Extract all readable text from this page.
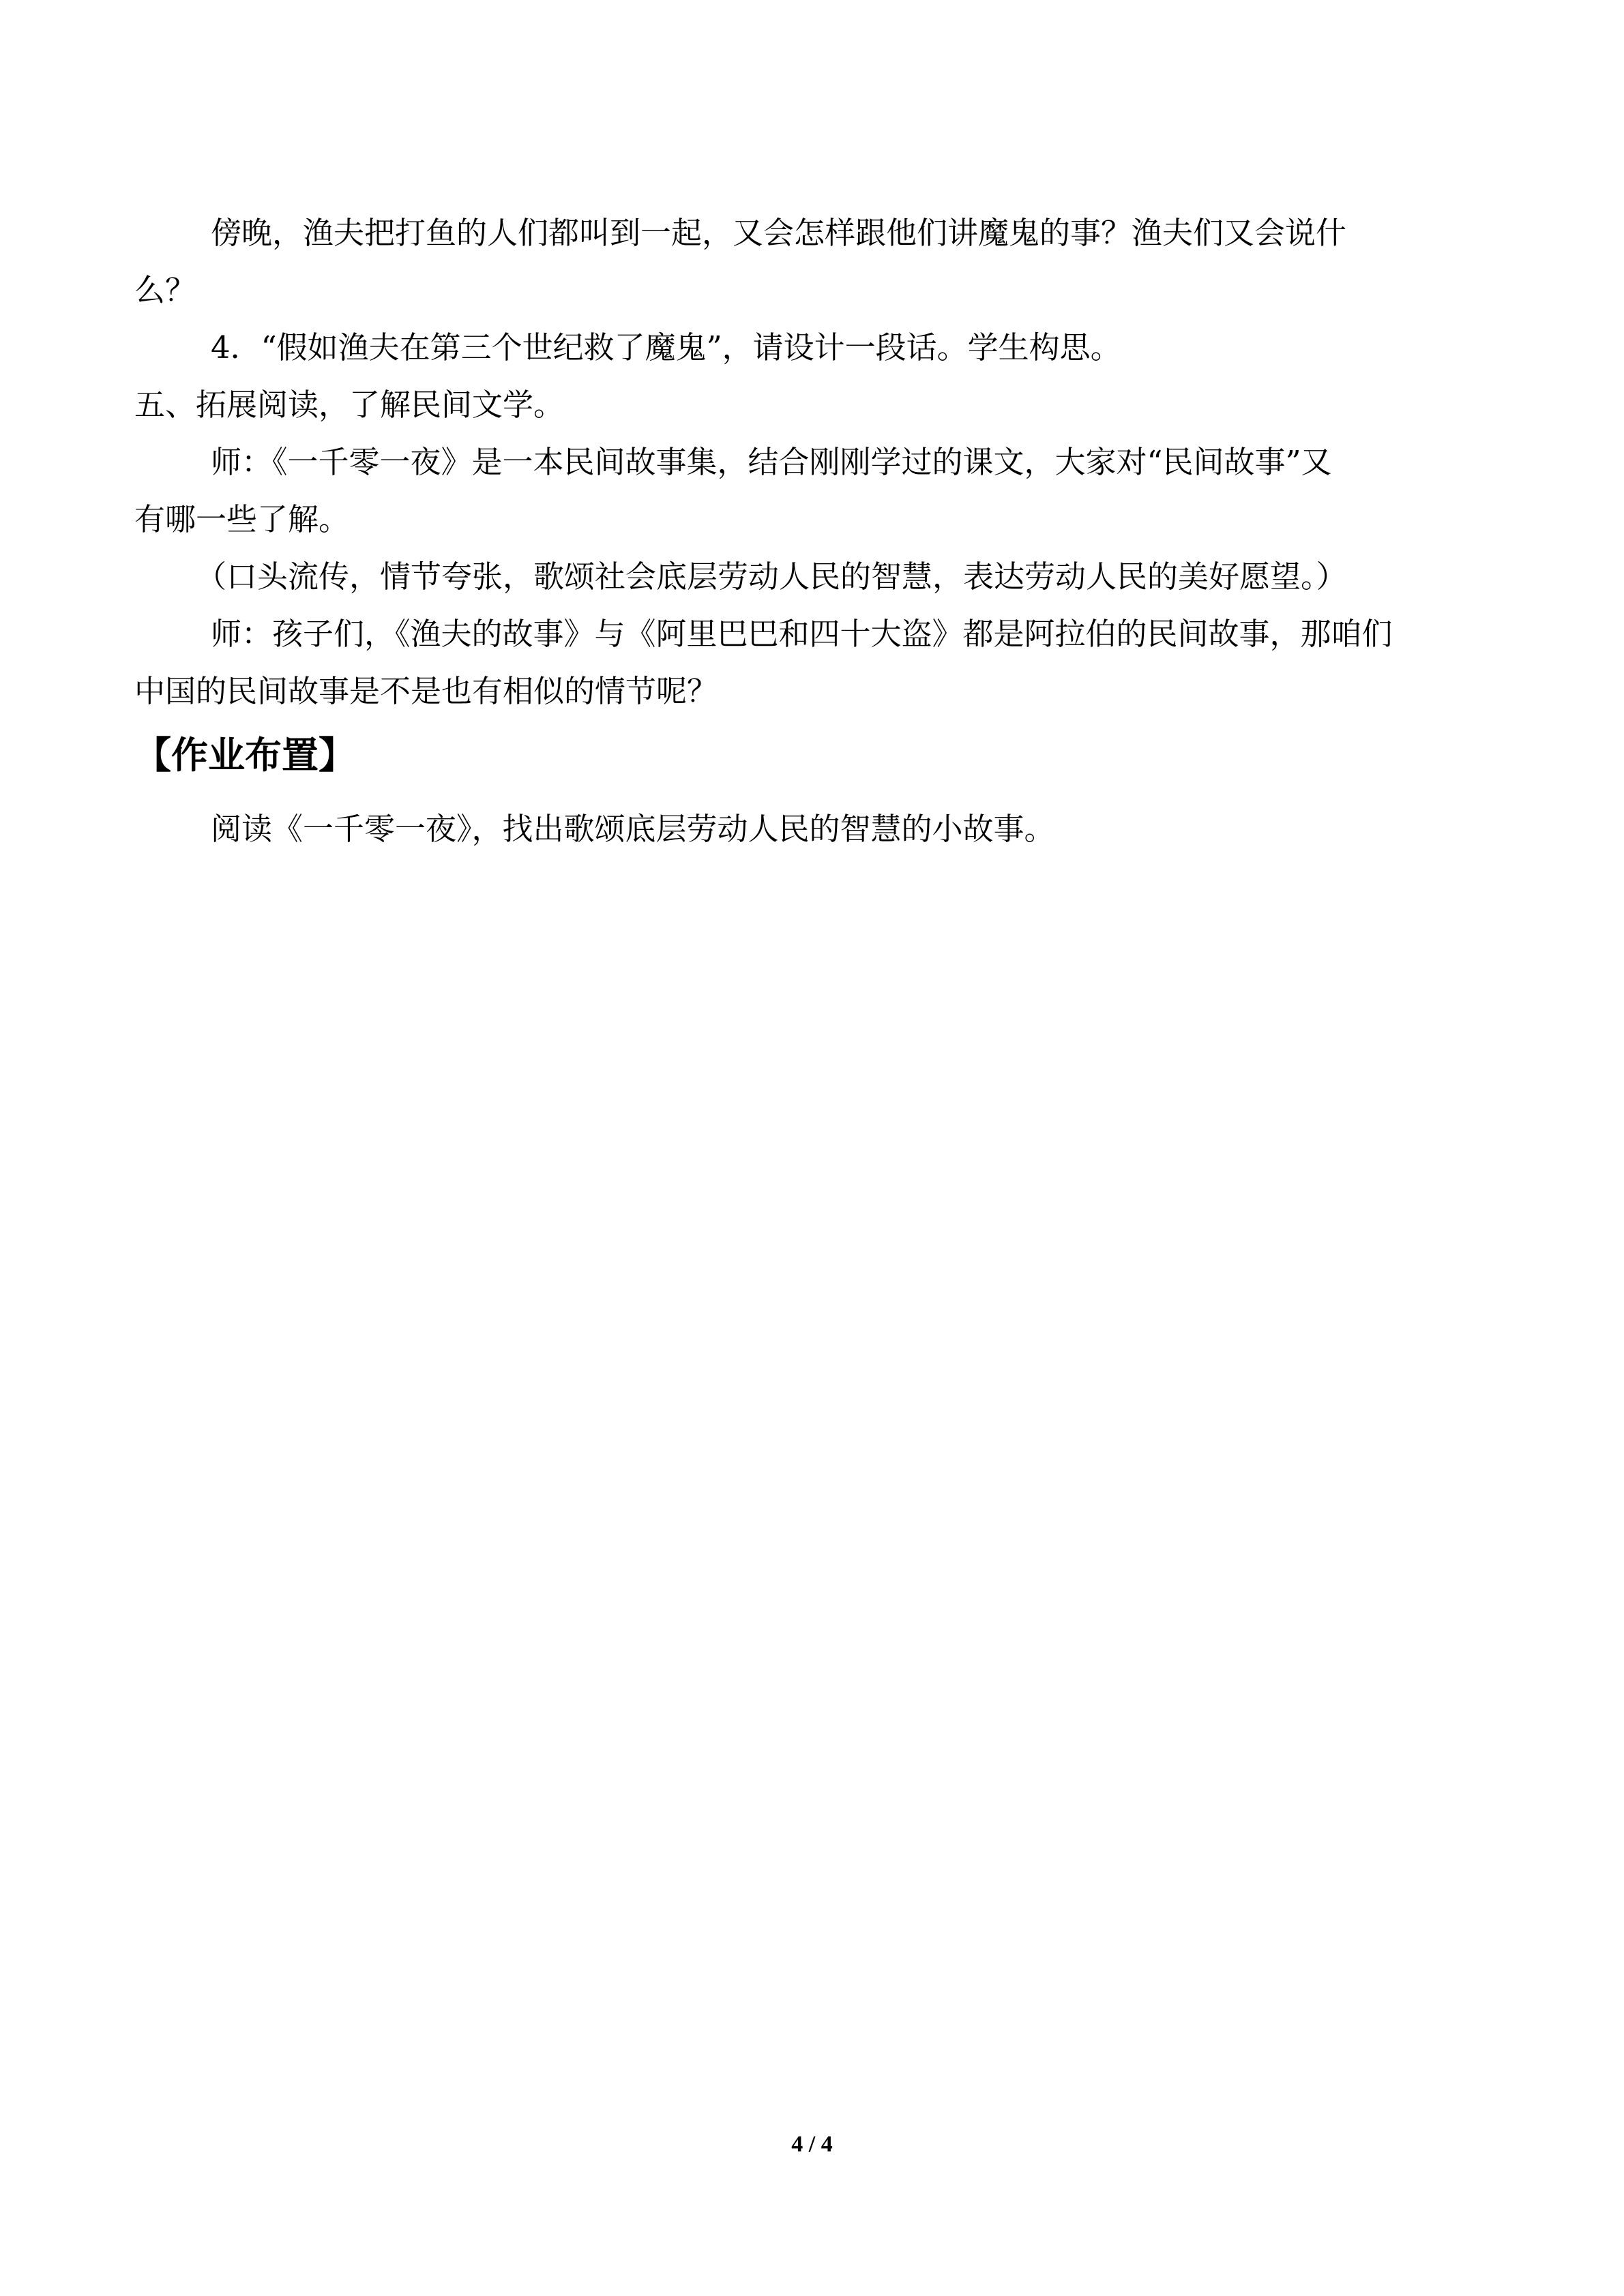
傍晚，渔夫把打鱼的人们都叫到一起，又会怎样跟他们讲魔鬼的事？渔夫们又会说什

么？

4．“假如渔夫在第三个世纪救了魔鬼”，请设计一段话。学生构思。

五、拓展阅读，了解民间文学。

师：《一千零一夜》是一本民间故事集，结合刚刚学过的课文，大家对“民间故事”又

有哪一些了解。

（口头流传，情节夸张，歌颂社会底层劳动人民的智慧，表达劳动人民的美好愿望。）

师：孩子们，《渔夫的故事》与《阿里巴巴和四十大盗》都是阿拉伯的民间故事，那咱们

中国的民间故事是不是也有相似的情节呢？

【作业布置】

阅读《一千零一夜》，找出歌颂底层劳动人民的智慧的小故事。

4 / 4
